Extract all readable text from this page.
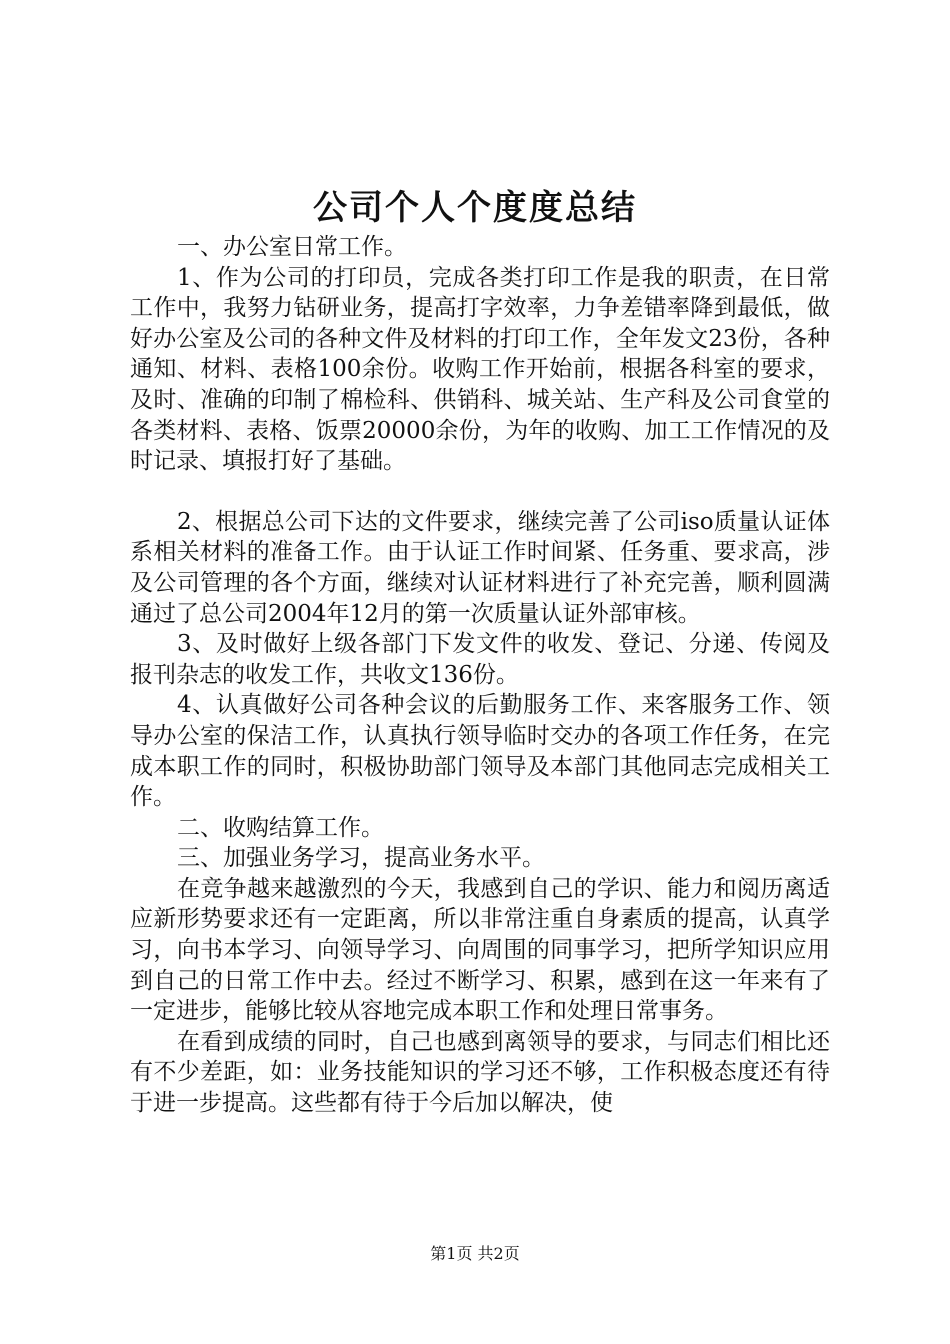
公司个人个度度总结

一、办公室日常工作。

1、作为公司的打印员，完成各类打印工作是我的职责，在日常工作中，我努力钻研业务，提高打字效率，力争差错率降到最低，做好办公室及公司的各种文件及材料的打印工作，全年发文23份，各种通知、材料、表格100余份。收购工作开始前，根据各科室的要求，及时、准确的印制了棉检科、供销科、城关站、生产科及公司食堂的各类材料、表格、饭票20000余份，为年的收购、加工工作情况的及时记录、填报打好了基础。

2、根据总公司下达的文件要求，继续完善了公司iso质量认证体系相关材料的准备工作。由于认证工作时间紧、任务重、要求高，涉及公司管理的各个方面，继续对认证材料进行了补充完善，顺利圆满通过了总公司2004年12月的第一次质量认证外部审核。

3、及时做好上级各部门下发文件的收发、登记、分递、传阅及报刊杂志的收发工作，共收文136份。

4、认真做好公司各种会议的后勤服务工作、来客服务工作、领导办公室的保洁工作，认真执行领导临时交办的各项工作任务，在完成本职工作的同时，积极协助部门领导及本部门其他同志完成相关工作。

二、收购结算工作。

三、加强业务学习，提高业务水平。

在竞争越来越激烈的今天，我感到自己的学识、能力和阅历离适应新形势要求还有一定距离，所以非常注重自身素质的提高，认真学习，向书本学习、向领导学习、向周围的同事学习，把所学知识应用到自己的日常工作中去。经过不断学习、积累，感到在这一年来有了一定进步，能够比较从容地完成本职工作和处理日常事务。

在看到成绩的同时，自己也感到离领导的要求，与同志们相比还有不少差距，如：业务技能知识的学习还不够，工作积极态度还有待于进一步提高。这些都有待于今后加以解决，使

第1页 共2页
